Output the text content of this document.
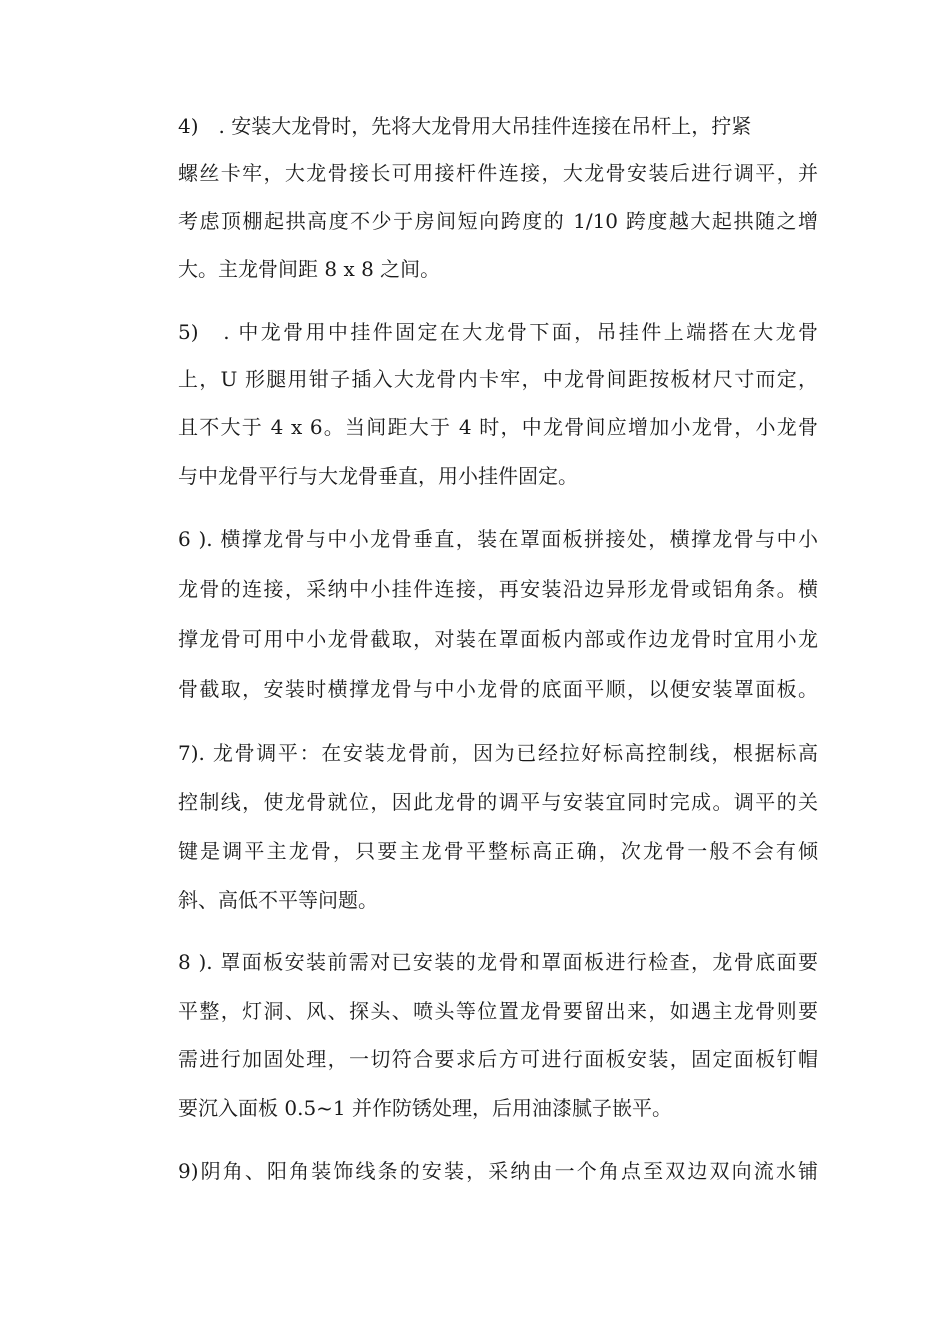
4)　. 安装大龙骨时，先将大龙骨用大吊挂件连接在吊杆上，拧紧

螺丝卡牢，大龙骨接长可用接杆件连接，大龙骨安装后进行调平，并

考虑顶棚起拱高度不少于房间短向跨度的 1/10 跨度越大起拱随之增

大。主龙骨间距 8 x 8 之间。

5)　. 中龙骨用中挂件固定在大龙骨下面，吊挂件上端搭在大龙骨

上，U 形腿用钳子插入大龙骨内卡牢，中龙骨间距按板材尺寸而定，

且不大于 4 x 6。当间距大于 4 时，中龙骨间应增加小龙骨，小龙骨

与中龙骨平行与大龙骨垂直，用小挂件固定。

6 ). 横撑龙骨与中小龙骨垂直，装在罩面板拼接处，横撑龙骨与中小

龙骨的连接，采纳中小挂件连接，再安装沿边异形龙骨或铝角条。横

撑龙骨可用中小龙骨截取，对装在罩面板内部或作边龙骨时宜用小龙

骨截取，安装时横撑龙骨与中小龙骨的底面平顺，以便安装罩面板。

7). 龙骨调平：在安装龙骨前，因为已经拉好标高控制线，根据标高

控制线，使龙骨就位，因此龙骨的调平与安装宜同时完成。调平的关

键是调平主龙骨，只要主龙骨平整标高正确，次龙骨一般不会有倾

斜、高低不平等问题。

8 ). 罩面板安装前需对已安装的龙骨和罩面板进行检查，龙骨底面要

平整，灯洞、风、探头、喷头等位置龙骨要留出来，如遇主龙骨则要

需进行加固处理，一切符合要求后方可进行面板安装，固定面板钉帽

要沉入面板 0.5~1 并作防锈处理，后用油漆腻子嵌平。

9)阴角、阳角装饰线条的安装，采纳由一个角点至双边双向流水铺
